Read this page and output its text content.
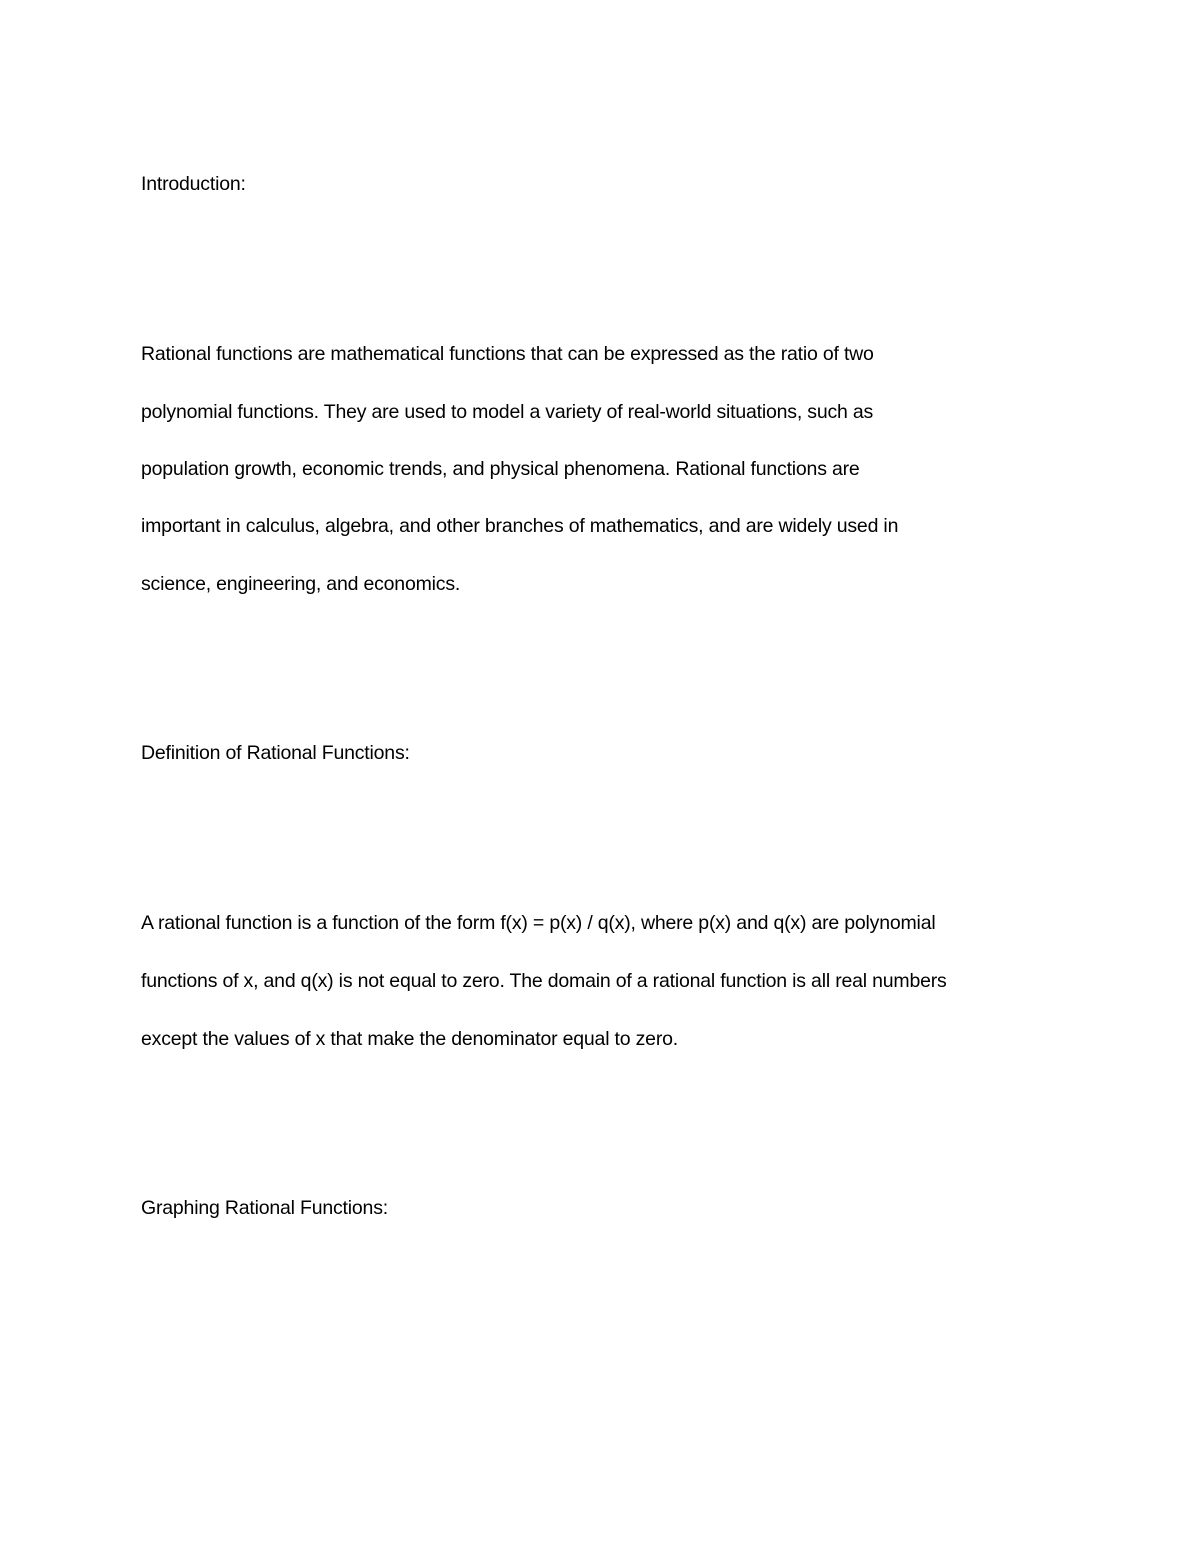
Introduction:
Rational functions are mathematical functions that can be expressed as the ratio of two
polynomial functions. They are used to model a variety of real-world situations, such as
population growth, economic trends, and physical phenomena. Rational functions are
important in calculus, algebra, and other branches of mathematics, and are widely used in
science, engineering, and economics.
Definition of Rational Functions:
A rational function is a function of the form f(x) = p(x) / q(x), where p(x) and q(x) are polynomial
functions of x, and q(x) is not equal to zero. The domain of a rational function is all real numbers
except the values of x that make the denominator equal to zero.
Graphing Rational Functions:
